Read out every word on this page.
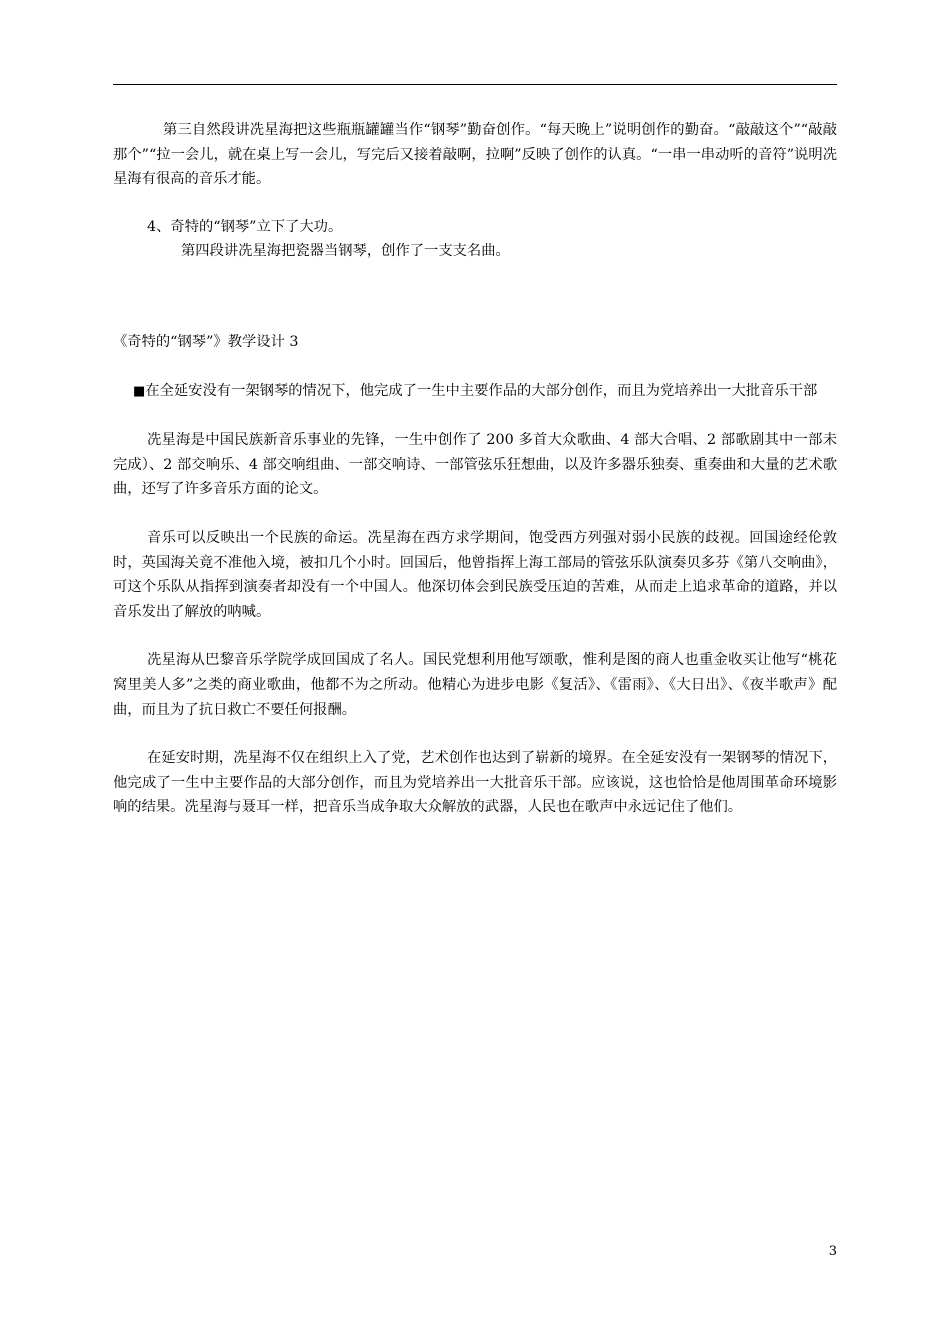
第三自然段讲冼星海把这些瓶瓶罐罐当作“钢琴”勤奋创作。“每天晚上”说明创作的勤奋。“敲敲这个”“敲敲那个”“拉一会儿，就在桌上写一会儿，写完后又接着敲啊，拉啊”反映了创作的认真。“一串一串动听的音符”说明冼星海有很高的音乐才能。

4、奇特的“钢琴”立下了大功。

第四段讲冼星海把瓷器当钢琴，创作了一支支名曲。

《奇特的“钢琴”》教学设计 3

■在全延安没有一架钢琴的情况下，他完成了一生中主要作品的大部分创作，而且为党培养出一大批音乐干部

冼星海是中国民族新音乐事业的先锋，一生中创作了 200 多首大众歌曲、4 部大合唱、2 部歌剧其中一部未完成）、2 部交响乐、4 部交响组曲、一部交响诗、一部管弦乐狂想曲，以及许多器乐独奏、重奏曲和大量的艺术歌曲，还写了许多音乐方面的论文。

音乐可以反映出一个民族的命运。冼星海在西方求学期间，饱受西方列强对弱小民族的歧视。回国途经伦敦时，英国海关竟不准他入境，被扣几个小时。回国后，他曾指挥上海工部局的管弦乐队演奏贝多芬《第八交响曲》，可这个乐队从指挥到演奏者却没有一个中国人。他深切体会到民族受压迫的苦难，从而走上追求革命的道路，并以音乐发出了解放的呐喊。

冼星海从巴黎音乐学院学成回国成了名人。国民党想利用他写颂歌，惟利是图的商人也重金收买让他写“桃花窝里美人多”之类的商业歌曲，他都不为之所动。他精心为进步电影《复活》、《雷雨》、《大日出》、《夜半歌声》配曲，而且为了抗日救亡不要任何报酬。

在延安时期，冼星海不仅在组织上入了党，艺术创作也达到了崭新的境界。在全延安没有一架钢琴的情况下，他完成了一生中主要作品的大部分创作，而且为党培养出一大批音乐干部。应该说，这也恰恰是他周围革命环境影响的结果。冼星海与聂耳一样，把音乐当成争取大众解放的武器，人民也在歌声中永远记住了他们。

3
